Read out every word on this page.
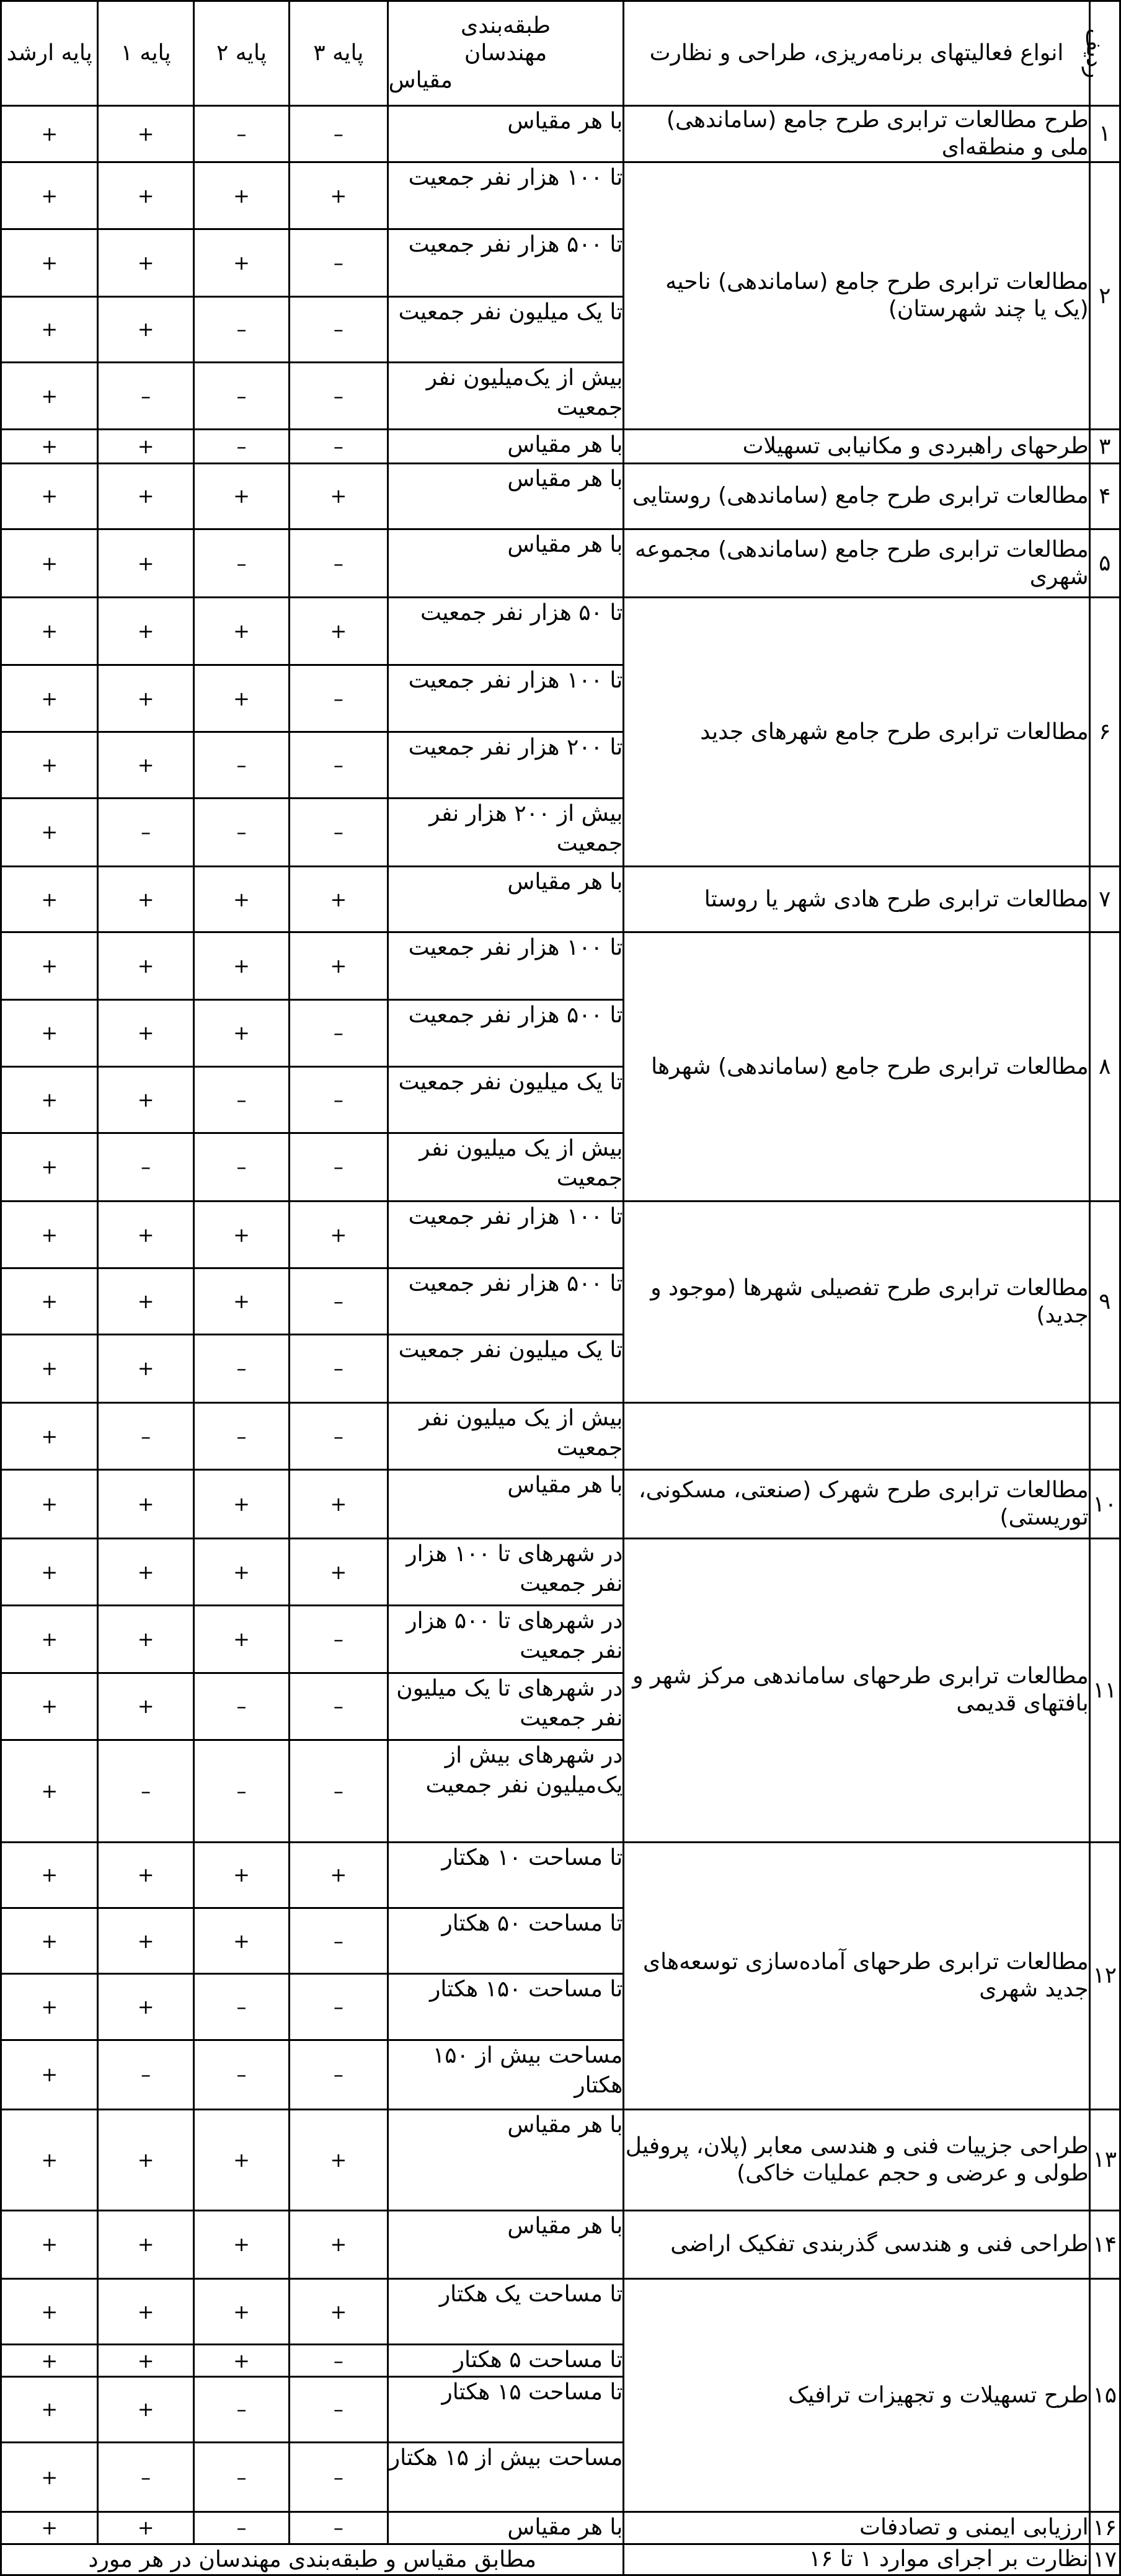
ردیف	انواع فعالیتهای برنامه‌ریزی، طراحی و نظارت	طبقه‌بندی
مهندسان
مقیاس	پایه ۳	پایه ۲	پایه ۱	پایه ارشد
۱	طرح مطالعات ترابری طرح جامع (ساماندهی) ملی و منطقه‌ای	با هر مقیاس	–	–	+	+
۲	مطالعات ترابری طرح جامع (ساماندهی) ناحیه (یک یا چند شهرستان)	تا ۱۰۰ هزار نفر جمعیت	+	+	+	+
		تا ۵۰۰ هزار نفر جمعیت	–	+	+	+
		تا یک میلیون نفر جمعیت	–	–	+	+
		بیش از یک‌میلیون نفر جمعیت	–	–	–	+
۳	طرحهای راهبردی و مکانیابی تسهیلات	با هر مقیاس	–	–	+	+
۴	مطالعات ترابری طرح جامع (ساماندهی) روستایی	با هر مقیاس	+	+	+	+
۵	مطالعات ترابری طرح جامع (ساماندهی) مجموعه شهری	با هر مقیاس	–	–	+	+
۶	مطالعات ترابری طرح جامع شهرهای جدید	تا ۵۰ هزار نفر جمعیت	+	+	+	+
		تا ۱۰۰ هزار نفر جمعیت	–	+	+	+
		تا ۲۰۰ هزار نفر جمعیت	–	–	+	+
		بیش از ۲۰۰ هزار نفر جمعیت	–	–	–	+
۷	مطالعات ترابری طرح هادی شهر یا روستا	با هر مقیاس	+	+	+	+
۸	مطالعات ترابری طرح جامع (ساماندهی) شهرها	تا ۱۰۰ هزار نفر جمعیت	+	+	+	+
		تا ۵۰۰ هزار نفر جمعیت	–	+	+	+
		تا یک میلیون نفر جمعیت	–	–	+	+
		بیش از یک میلیون نفر جمعیت	–	–	–	+
۹	مطالعات ترابری طرح تفصیلی شهرها (موجود و جدید)	تا ۱۰۰ هزار نفر جمعیت	+	+	+	+
		تا ۵۰۰ هزار نفر جمعیت	–	+	+	+
		تا یک میلیون نفر جمعیت	–	–	+	+
		بیش از یک میلیون نفر جمعیت	–	–	–	+
۱۰	مطالعات ترابری طرح شهرک (صنعتی، مسکونی، توریستی)	با هر مقیاس	+	+	+	+
۱۱	مطالعات ترابری طرحهای ساماندهی مرکز شهر و بافتهای قدیمی	در شهرهای تا ۱۰۰ هزار نفر جمعیت	+	+	+	+
		در شهرهای تا ۵۰۰ هزار نفر جمعیت	–	+	+	+
		در شهرهای تا یک میلیون نفر جمعیت	–	–	+	+
		در شهرهای بیش از یک‌میلیون نفر جمعیت	–	–	–	+
۱۲	مطالعات ترابری طرحهای آماده‌سازی توسعه‌های جدید شهری	تا مساحت ۱۰ هکتار	+	+	+	+
		تا مساحت ۵۰ هکتار	–	+	+	+
		تا مساحت ۱۵۰ هکتار	–	–	+	+
		مساحت بیش از ۱۵۰ هکتار	–	–	–	+
۱۳	طراحی جزییات فنی و هندسی معابر (پلان، پروفیل طولی و عرضی و حجم عملیات خاکی)	با هر مقیاس	+	+	+	+
۱۴	طراحی فنی و هندسی گذربندی تفکیک اراضی	با هر مقیاس	+	+	+	+
۱۵	طرح تسهیلات و تجهیزات ترافیک	تا مساحت یک هکتار	+	+	+	+
		تا مساحت ۵ هکتار	–	+	+	+
		تا مساحت ۱۵ هکتار	–	–	+	+
		مساحت بیش از ۱۵ هکتار	–	–	–	+
۱۶	ارزیابی ایمنی و تصادفات	با هر مقیاس	–	–	+	+
۱۷	نظارت بر اجرای موارد ۱ تا ۱۶	مطابق مقیاس و طبقه‌بندی مهندسان در هر مورد				
